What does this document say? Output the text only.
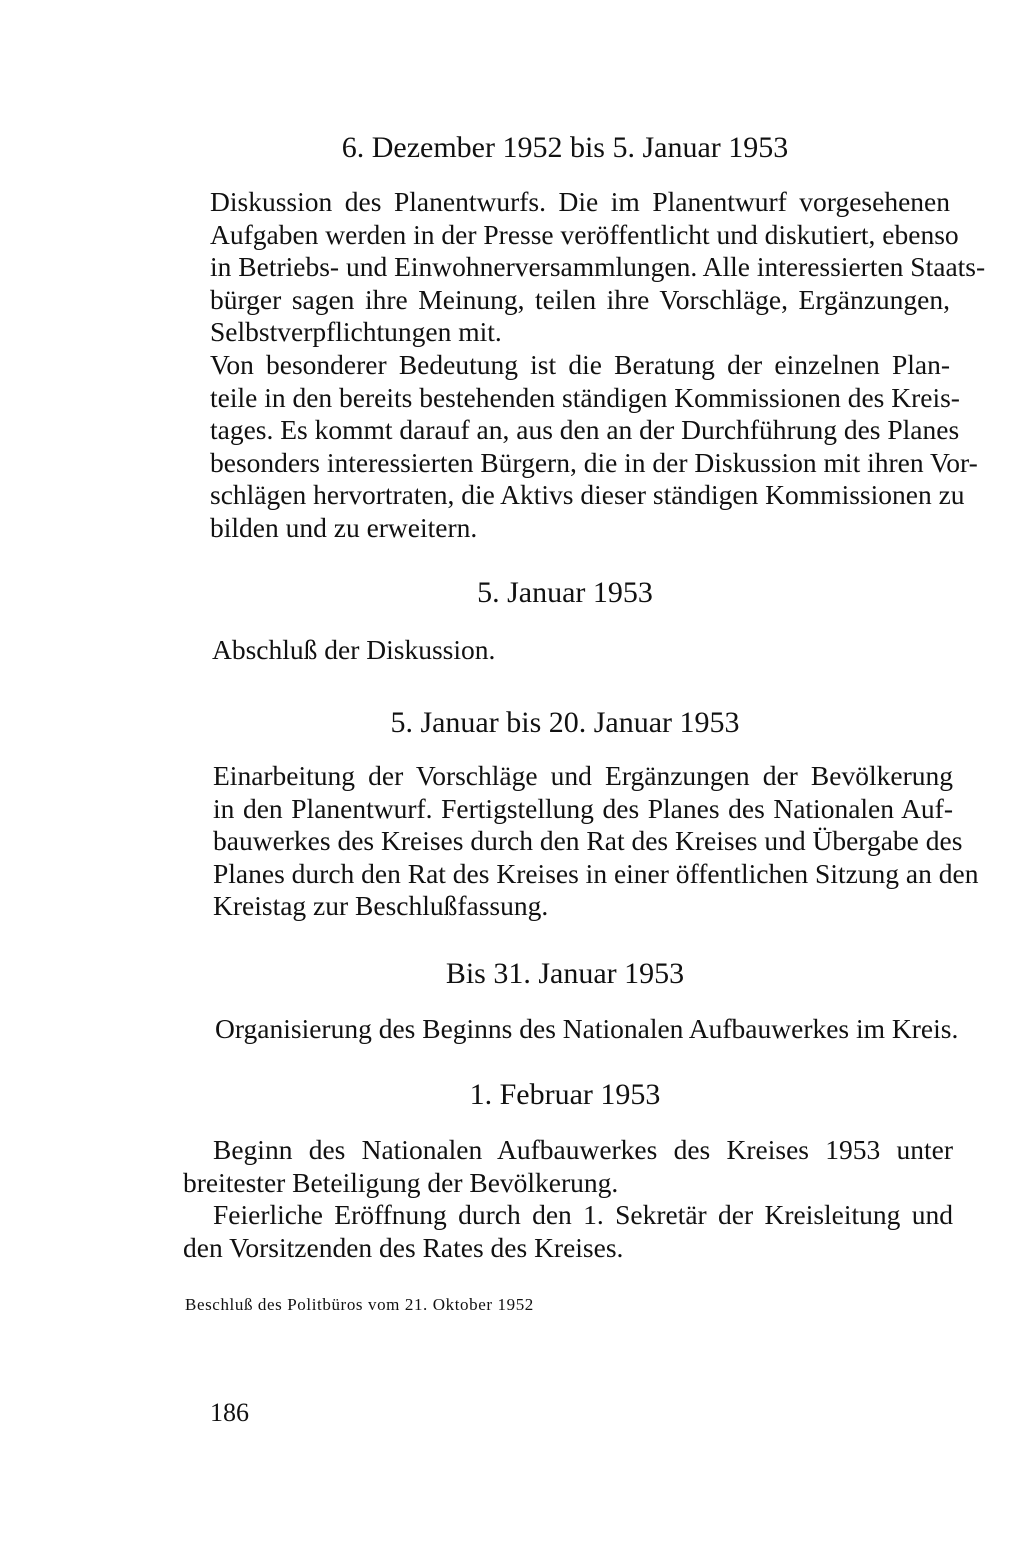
6. Dezember 1952 bis 5. Januar 1953
Diskussion des Planentwurfs. Die im Planentwurf vorgesehenen
Aufgaben werden in der Presse veröffentlicht und diskutiert, ebenso
in Betriebs- und Einwohnerversammlungen. Alle interessierten Staats-
bürger sagen ihre Meinung, teilen ihre Vorschläge, Ergänzungen,
Selbstverpflichtungen mit.
Von besonderer Bedeutung ist die Beratung der einzelnen Plan-
teile in den bereits bestehenden ständigen Kommissionen des Kreis-
tages. Es kommt darauf an, aus den an der Durchführung des Planes
besonders interessierten Bürgern, die in der Diskussion mit ihren Vor-
schlägen hervortraten, die Aktivs dieser ständigen Kommissionen zu
bilden und zu erweitern.
5. Januar 1953
Abschluß der Diskussion.
5. Januar bis 20. Januar 1953
Einarbeitung der Vorschläge und Ergänzungen der Bevölkerung
in den Planentwurf. Fertigstellung des Planes des Nationalen Auf-
bauwerkes des Kreises durch den Rat des Kreises und Übergabe des
Planes durch den Rat des Kreises in einer öffentlichen Sitzung an den
Kreistag zur Beschlußfassung.
Bis 31. Januar 1953
Organisierung des Beginns des Nationalen Aufbauwerkes im Kreis.
1. Februar 1953
Beginn des Nationalen Aufbauwerkes des Kreises 1953 unter
breitester Beteiligung der Bevölkerung.
Feierliche Eröffnung durch den 1. Sekretär der Kreisleitung und
den Vorsitzenden des Rates des Kreises.
Beschluß des Politbüros vom 21. Oktober 1952
186
